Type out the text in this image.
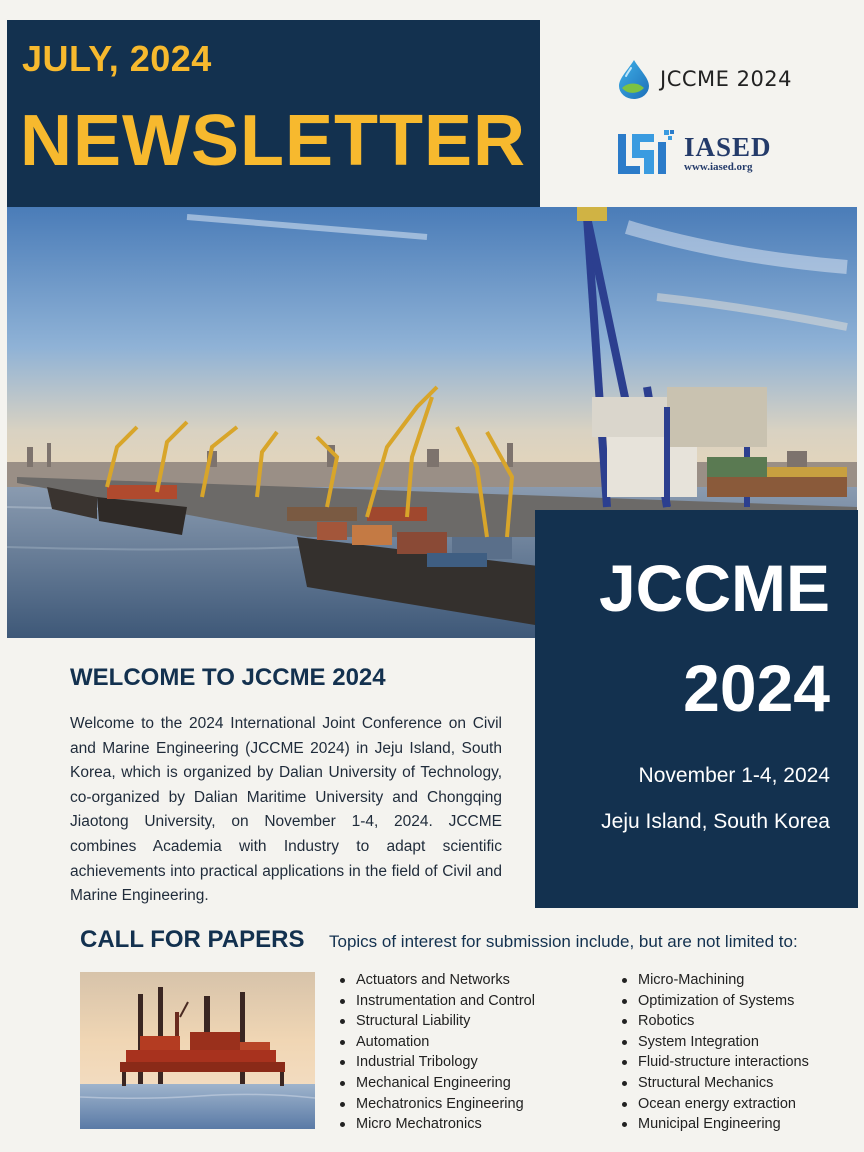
JULY, 2024
NEWSLETTER
JCCME 2024
IASED
www.iased.org
JCCME
2024
November 1-4, 2024
Jeju Island, South Korea
WELCOME TO JCCME 2024

Welcome to the 2024 International Joint Conference on Civil and Marine Engineering (JCCME 2024) in Jeju Island, South Korea, which is organized by Dalian University of Technology, co-organized by Dalian Maritime University and Chongqing Jiaotong University, on November 1-4, 2024. JCCME combines Academia with Industry to adapt scientific achievements into practical applications in the field of Civil and Marine Engineering.

CALL FOR PAPERS Topics of interest for submission include, but are not limited to:
Actuators and Networks
Instrumentation and Control
Structural Liability
Automation
Industrial Tribology
Mechanical Engineering
Mechatronics Engineering
Micro Mechatronics
Micro-Machining
Optimization of Systems
Robotics
System Integration
Fluid-structure interactions
Structural Mechanics
Ocean energy extraction
Municipal Engineering
